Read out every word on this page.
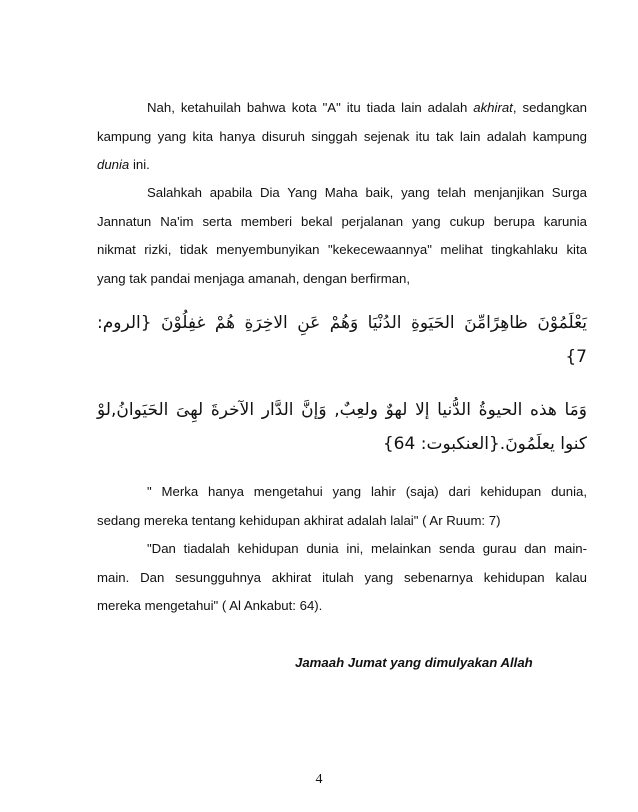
Nah, ketahuilah bahwa kota "A" itu tiada lain adalah akhirat, sedangkan
kampung yang kita hanya disuruh singgah sejenak itu tak lain adalah kampung
dunia ini.

Salahkah apabila Dia Yang Maha baik, yang telah menjanjikan Surga
Jannatun Na'im serta memberi bekal perjalanan yang cukup berupa karunia
nikmat rizki, tidak menyembunyikan "kekecewaannya" melihat tingkahlaku kita
yang tak pandai menjaga amanah, dengan berfirman,

يَعْلَمُوْنَ ظاهِرًامِّنَ الحَيَوةِ الدُنْيَا وَهُمْ عَنِ الاخِرَةِ هُمْ غفِلُوْنَ {الروم:
7}

وَمَا هذه الحيوةُ الدُّنيا إلا لهوٌ ولعِبٌ, وَإنَّ الدَّار الآخرةَ لهِىَ الحَيَوانُ,لوْ
كنوا يعلَمُونَ.{العنكبوت: 64}

" Merka hanya mengetahui yang lahir (saja) dari kehidupan dunia,
sedang mereka tentang kehidupan akhirat adalah lalai" ( Ar Ruum: 7)

"Dan tiadalah kehidupan dunia ini, melainkan senda gurau dan main-
main. Dan sesungguhnya akhirat itulah yang sebenarnya kehidupan kalau
mereka mengetahui" ( Al Ankabut: 64).

Jamaah Jumat yang dimulyakan Allah

4
